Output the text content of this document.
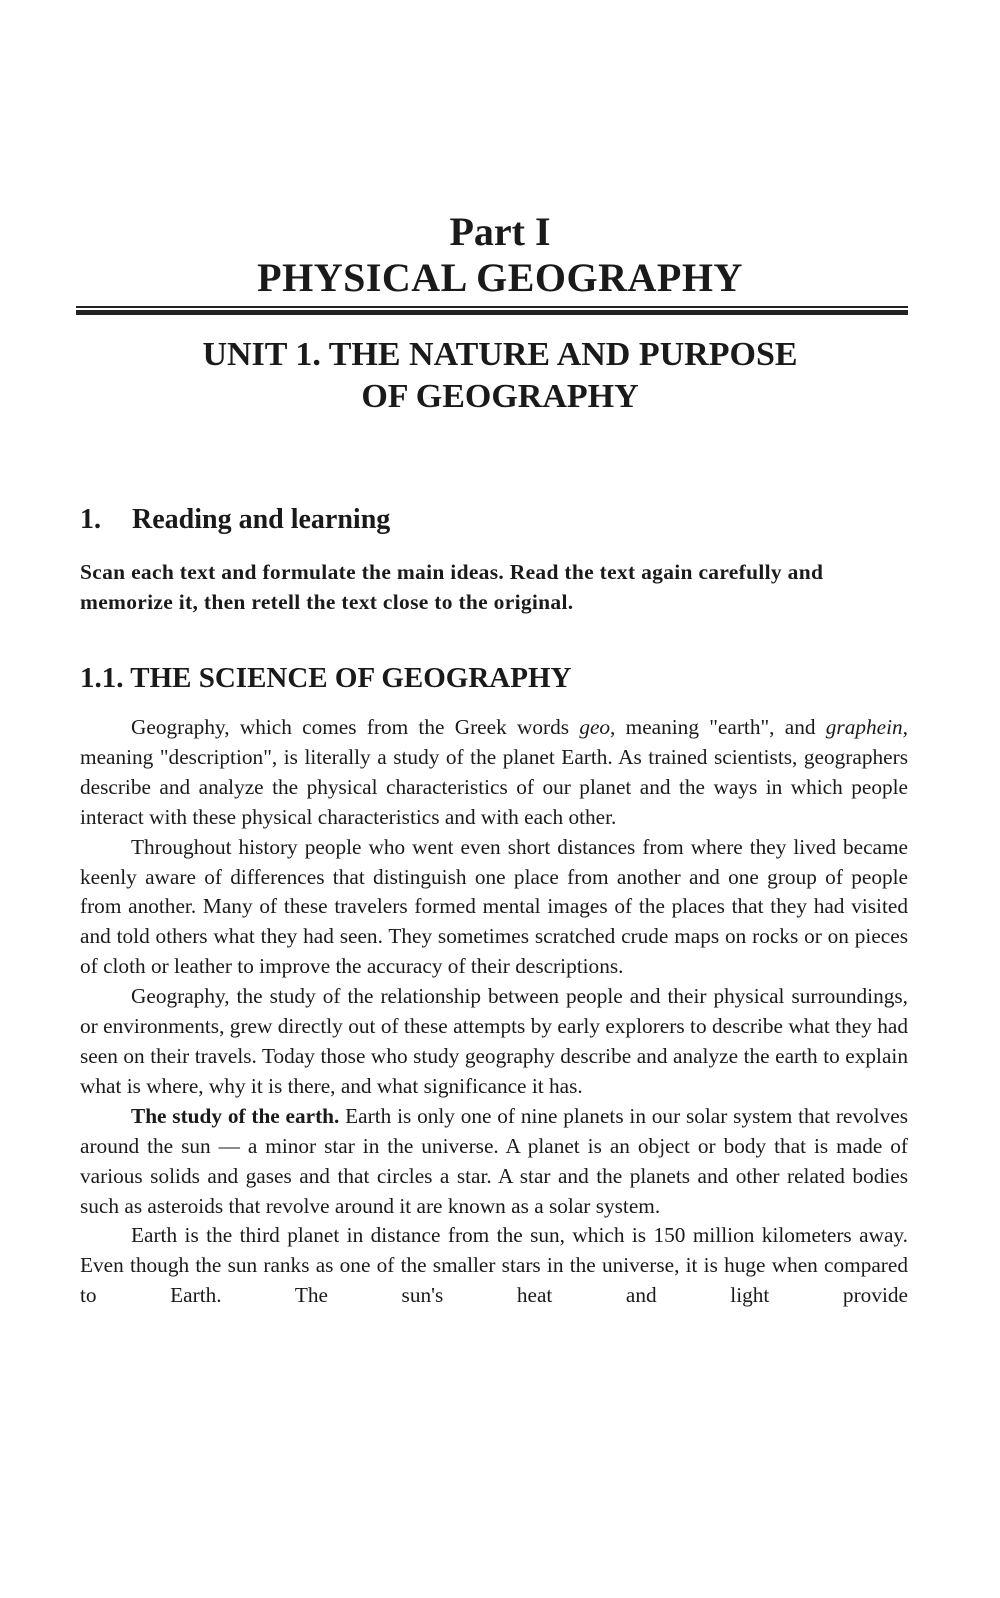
Part I
PHYSICAL GEOGRAPHY
UNIT 1. THE NATURE AND PURPOSE
OF GEOGRAPHY
1. Reading and learning

Scan each text and formulate the main ideas. Read the text again carefully and memorize it, then retell the text close to the original.

1.1. THE SCIENCE OF GEOGRAPHY

Geography, which comes from the Greek words geo, meaning "earth", and graphein, meaning "description", is literally a study of the planet Earth. As trained scientists, geographers describe and analyze the physical characteristics of our planet and the ways in which people interact with these physical characteristics and with each other.

Throughout history people who went even short distances from where they lived became keenly aware of differences that distinguish one place from another and one group of people from another. Many of these travelers formed mental images of the places that they had visited and told others what they had seen. They sometimes scratched crude maps on rocks or on pieces of cloth or leather to improve the accuracy of their descriptions.

Geography, the study of the relationship between people and their physical surroundings, or environments, grew directly out of these attempts by early explorers to describe what they had seen on their travels. Today those who study geography describe and analyze the earth to explain what is where, why it is there, and what significance it has.

The study of the earth. Earth is only one of nine planets in our solar system that revolves around the sun — a minor star in the universe. A planet is an object or body that is made of various solids and gases and that circles a star. A star and the planets and other related bodies such as asteroids that revolve around it are known as a solar system.

Earth is the third planet in distance from the sun, which is 150 million kilometers away. Even though the sun ranks as one of the smaller stars in the universe, it is huge when compared to Earth. The sun's heat and light provide
